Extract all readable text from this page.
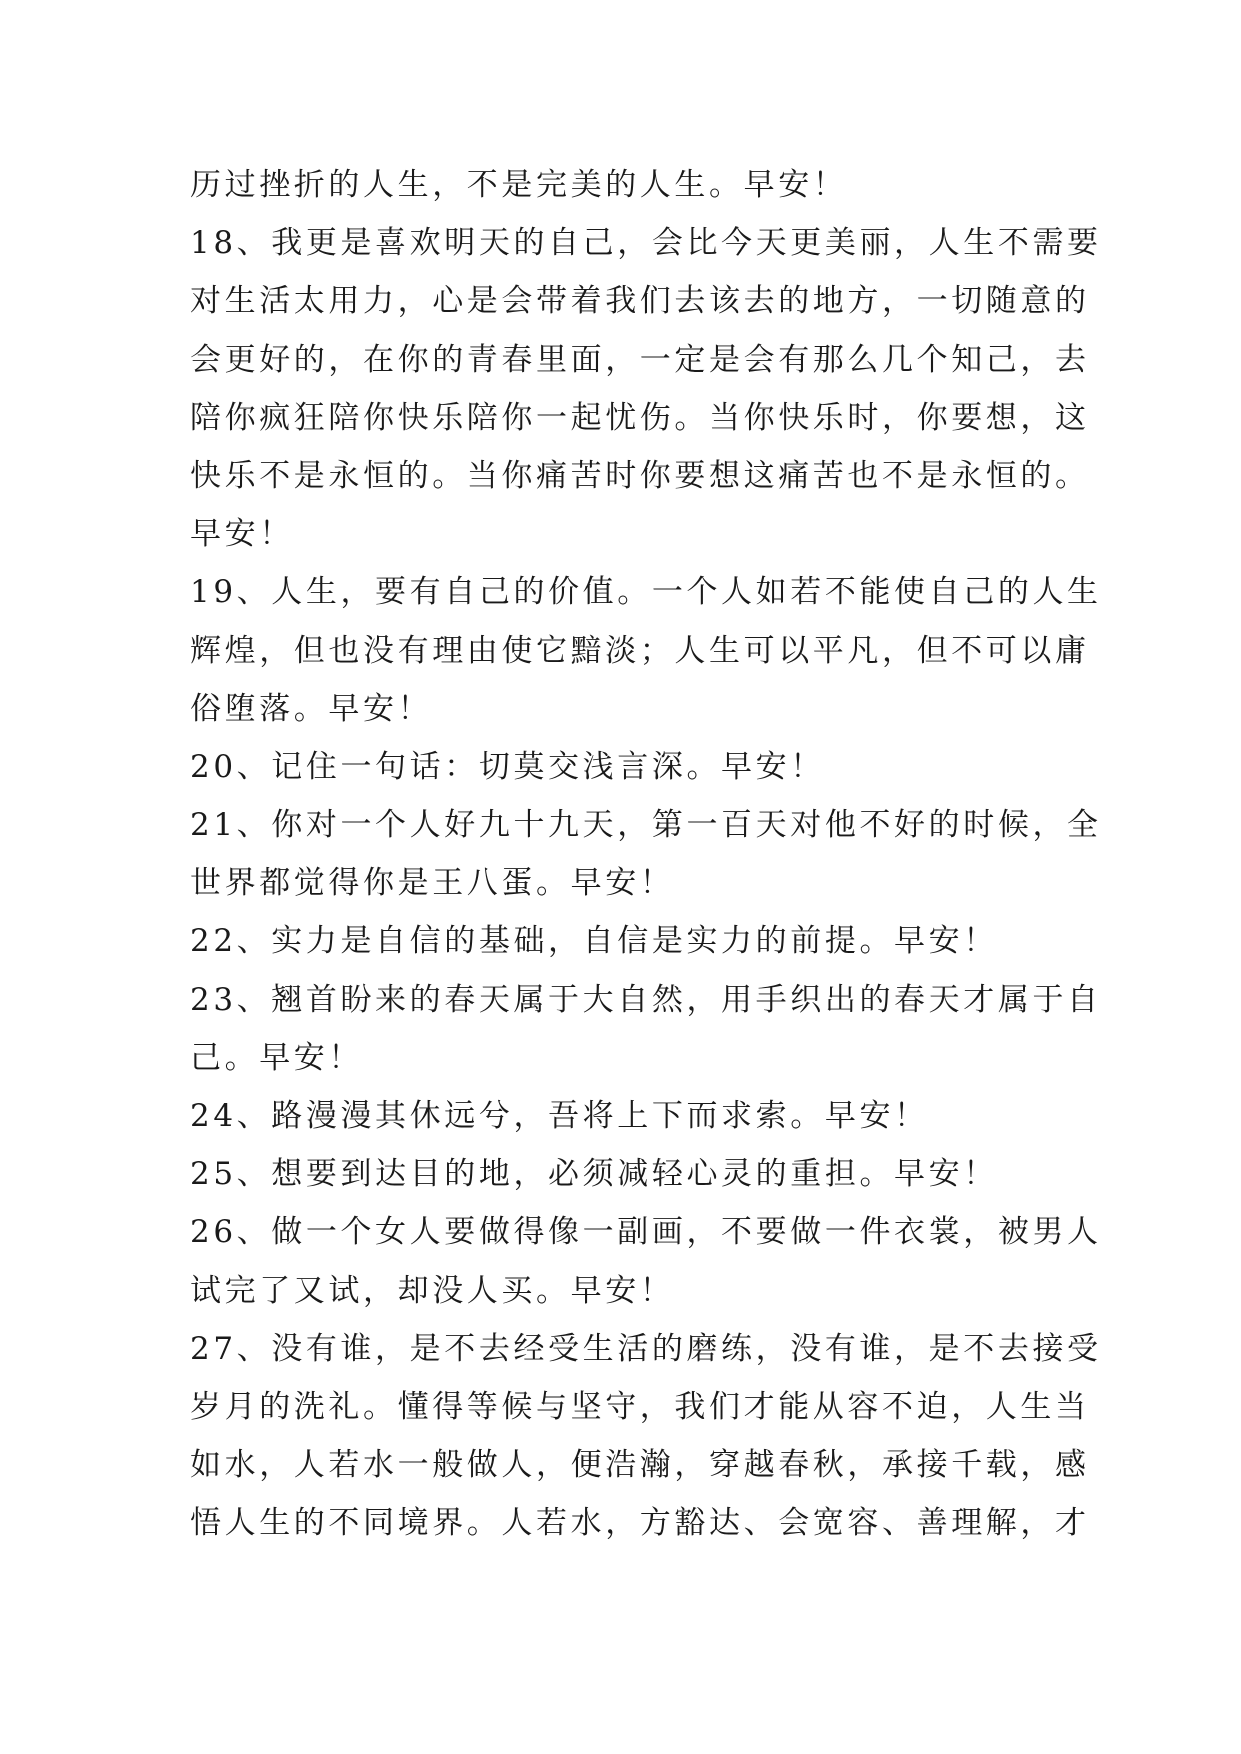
历过挫折的人生，不是完美的人生。早安！
18、我更是喜欢明天的自己，会比今天更美丽，人生不需要
对生活太用力，心是会带着我们去该去的地方，一切随意的
会更好的，在你的青春里面，一定是会有那么几个知己，去
陪你疯狂陪你快乐陪你一起忧伤。当你快乐时，你要想，这
快乐不是永恒的。当你痛苦时你要想这痛苦也不是永恒的。
早安！
19、人生，要有自己的价值。一个人如若不能使自己的人生
辉煌，但也没有理由使它黯淡；人生可以平凡，但不可以庸
俗堕落。早安！
20、记住一句话：切莫交浅言深。早安！
21、你对一个人好九十九天，第一百天对他不好的时候，全
世界都觉得你是王八蛋。早安！
22、实力是自信的基础，自信是实力的前提。早安！
23、翘首盼来的春天属于大自然，用手织出的春天才属于自
己。早安！
24、路漫漫其休远兮，吾将上下而求索。早安！
25、想要到达目的地，必须减轻心灵的重担。早安！
26、做一个女人要做得像一副画，不要做一件衣裳，被男人
试完了又试，却没人买。早安！
27、没有谁，是不去经受生活的磨练，没有谁，是不去接受
岁月的洗礼。懂得等候与坚守，我们才能从容不迫，人生当
如水，人若水一般做人，便浩瀚，穿越春秋，承接千载，感
悟人生的不同境界。人若水，方豁达、会宽容、善理解，才
